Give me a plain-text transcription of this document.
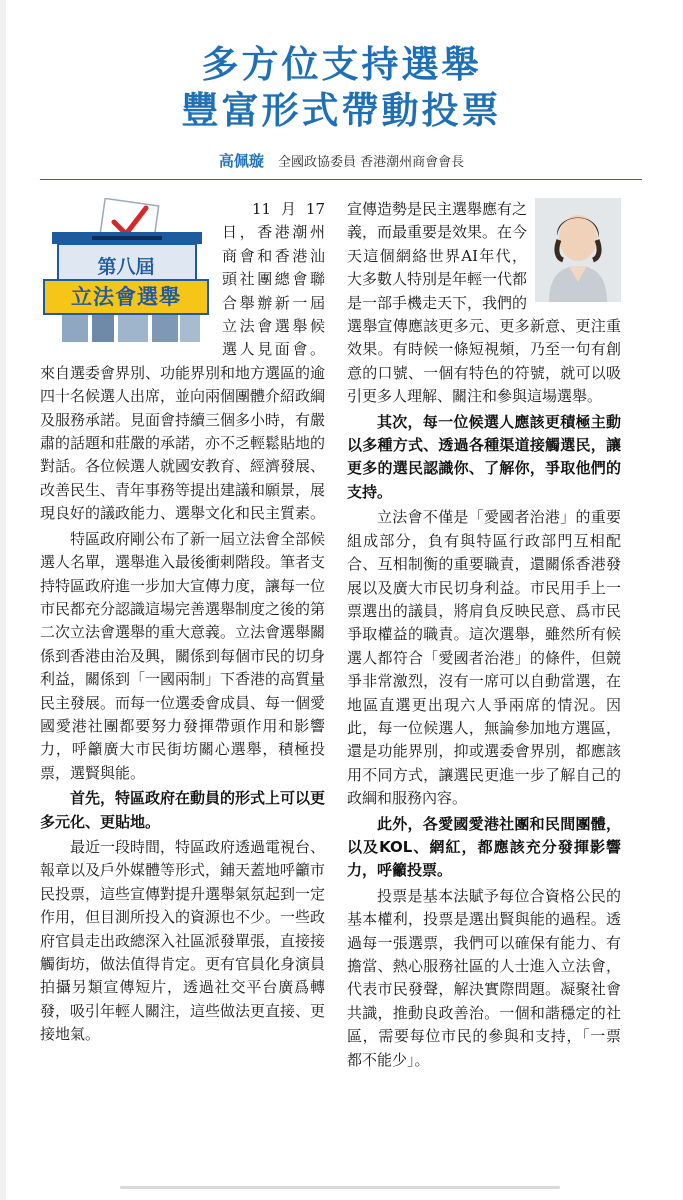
多方位支持選舉
豐富形式帶動投票
高佩璇 全國政協委員 香港潮州商會會長
第八屆
立法會選舉

11月17日，香港潮州商會和香港汕頭社團總會聯合舉辦新一屆立法會選舉候選人見面會。來自選委會界別、功能界別和地方選區的逾四十名候選人出席，並向兩個團體介紹政綱及服務承諾。見面會持續三個多小時，有嚴肅的話題和莊嚴的承諾，亦不乏輕鬆貼地的對話。各位候選人就國安教育、經濟發展、改善民生、青年事務等提出建議和願景，展現良好的議政能力、選舉文化和民主質素。

特區政府剛公布了新一屆立法會全部候選人名單，選舉進入最後衝刺階段。筆者支持特區政府進一步加大宣傳力度，讓每一位市民都充分認識這場完善選舉制度之後的第二次立法會選舉的重大意義。立法會選舉關係到香港由治及興，關係到每個市民的切身利益，關係到「一國兩制」下香港的高質量民主發展。而每一位選委會成員、每一個愛國愛港社團都要努力發揮帶頭作用和影響力，呼籲廣大市民街坊關心選舉，積極投票，選賢與能。

首先，特區政府在動員的形式上可以更多元化、更貼地。

最近一段時間，特區政府透過電視台、報章以及戶外媒體等形式，鋪天蓋地呼籲市民投票，這些宣傳對提升選舉氣氛起到一定作用，但目測所投入的資源也不少。一些政府官員走出政總深入社區派發單張，直接接觸街坊，做法值得肯定。更有官員化身演員拍攝另類宣傳短片，透過社交平台廣爲轉發，吸引年輕人關注，這些做法更直接、更接地氣。

宣傳造勢是民主選舉應有之義，而最重要是效果。在今天這個網絡世界AI年代，大多數人特別是年輕一代都是一部手機走天下，我們的選舉宣傳應該更多元、更多新意、更注重效果。有時候一條短視頻，乃至一句有創意的口號、一個有特色的符號，就可以吸引更多人理解、關注和參與這場選舉。

其次，每一位候選人應該更積極主動以多種方式、透過各種渠道接觸選民，讓更多的選民認識你、了解你，爭取他們的支持。

立法會不僅是「愛國者治港」的重要組成部分，負有與特區行政部門互相配合、互相制衡的重要職責，還關係香港發展以及廣大市民切身利益。市民用手上一票選出的議員，將肩負反映民意、爲市民爭取權益的職責。這次選舉，雖然所有候選人都符合「愛國者治港」的條件，但競爭非常激烈，沒有一席可以自動當選，在地區直選更出現六人爭兩席的情況。因此，每一位候選人，無論參加地方選區，還是功能界別，抑或選委會界別，都應該用不同方式，讓選民更進一步了解自己的政綱和服務內容。

此外，各愛國愛港社團和民間團體，以及KOL、網紅，都應該充分發揮影響力，呼籲投票。

投票是基本法賦予每位合資格公民的基本權利，投票是選出賢與能的過程。透過每一張選票，我們可以確保有能力、有擔當、熱心服務社區的人士進入立法會，代表市民發聲，解決實際問題。凝聚社會共識，推動良政善治。一個和諧穩定的社區，需要每位市民的參與和支持，「一票都不能少」。
